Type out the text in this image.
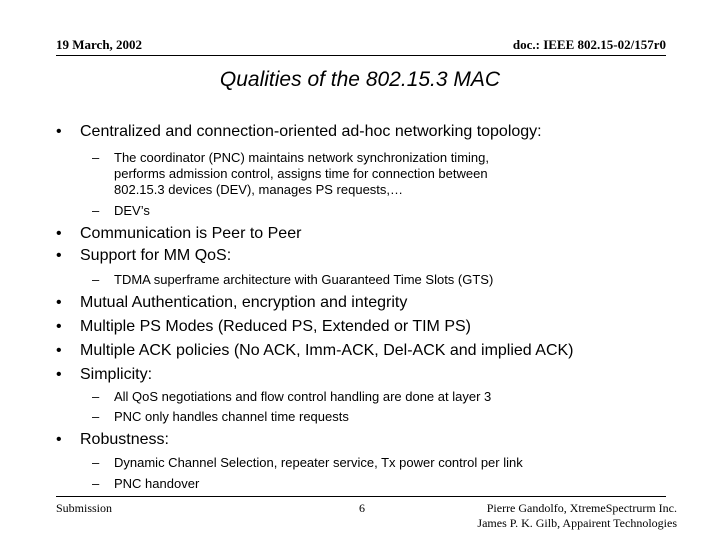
19 March, 2002	doc.: IEEE 802.15-02/157r0
Qualities of the 802.15.3 MAC
• Centralized and connection-oriented ad-hoc networking topology:
– The coordinator (PNC) maintains network synchronization timing,
performs admission control, assigns time for connection between
802.15.3 devices (DEV), manages PS requests,…
– DEV’s
• Communication is Peer to Peer
• Support for MM QoS:
– TDMA superframe architecture with Guaranteed Time Slots (GTS)
• Mutual Authentication, encryption and integrity
• Multiple PS Modes (Reduced PS, Extended or TIM PS)
• Multiple ACK policies (No ACK, Imm-ACK, Del-ACK and implied ACK)
• Simplicity:
– All QoS negotiations and flow control handling are done at layer 3
– PNC only handles channel time requests
• Robustness:
– Dynamic Channel Selection, repeater service, Tx power control per link
– PNC handover
Submission	6	Pierre Gandolfo, XtremeSpectrurm Inc.
James P. K. Gilb, Appairent Technologies
